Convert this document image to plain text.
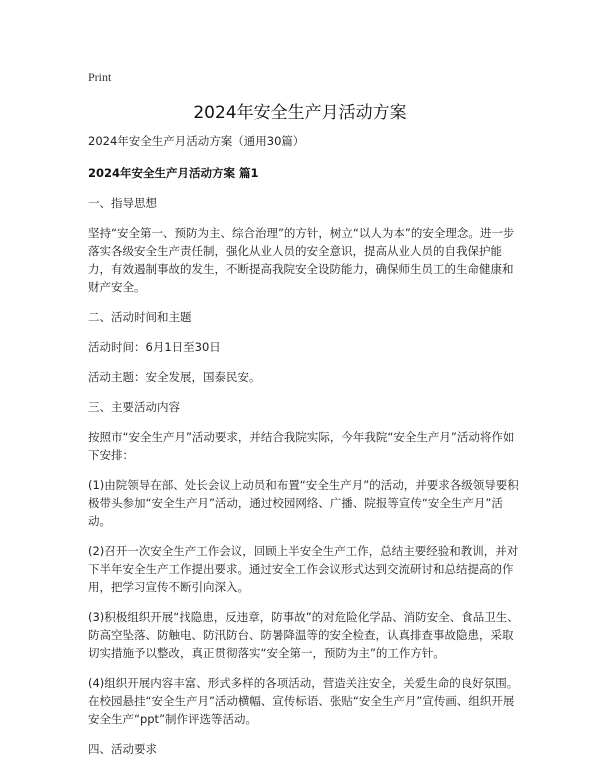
Print
2024年安全生产月活动方案

2024年安全生产月活动方案（通用30篇）

2024年安全生产月活动方案 篇1

一、指导思想

坚持“安全第一、预防为主、综合治理”的方针，树立“以人为本”的安全理念。进一步落实各级安全生产责任制，强化从业人员的安全意识，提高从业人员的自我保护能力，有效遏制事故的发生，不断提高我院安全设防能力，确保师生员工的生命健康和财产安全。

二、活动时间和主题

活动时间：6月1日至30日

活动主题：安全发展，国泰民安。

三、主要活动内容

按照市“安全生产月”活动要求，并结合我院实际，今年我院“安全生产月”活动将作如下安排：

(1)由院领导在部、处长会议上动员和布置“安全生产月”的活动，并要求各级领导要积极带头参加“安全生产月”活动，通过校园网络、广播、院报等宣传“安全生产月”活动。

(2)召开一次安全生产工作会议，回顾上半安全生产工作，总结主要经验和教训，并对下半年安全生产工作提出要求。通过安全工作会议形式达到交流研讨和总结提高的作用，把学习宣传不断引向深入。

(3)积极组织开展“找隐患，反违章，防事故”的对危险化学品、消防安全、食品卫生、防高空坠落、防触电、防汛防台、防暑降温等的安全检查，认真排查事故隐患，采取切实措施予以整改，真正贯彻落实“安全第一，预防为主”的工作方针。

(4)组织开展内容丰富、形式多样的各项活动，营造关注安全，关爱生命的良好氛围。在校园悬挂“安全生产月”活动横幅、宣传标语、张贴“安全生产月”宣传画、组织开展安全生产“ppt”制作评选等活动。

四、活动要求
